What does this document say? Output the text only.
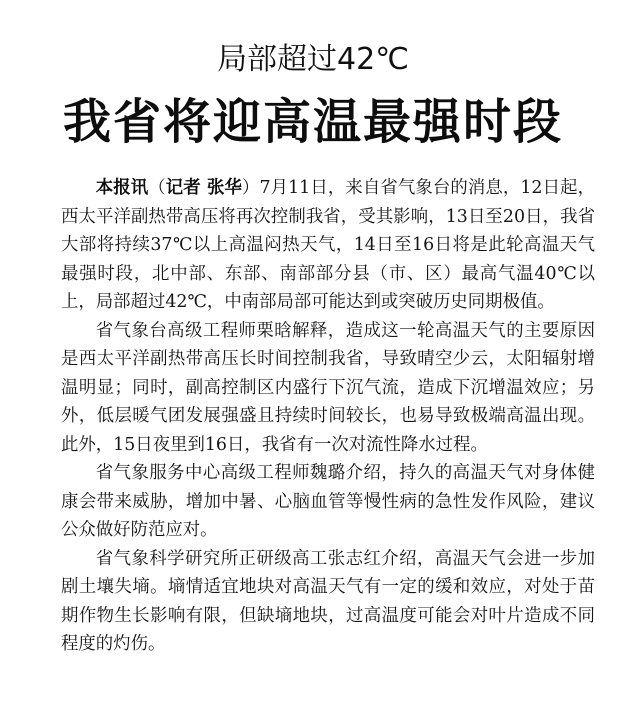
局部超过42℃
我省将迎高温最强时段

本报讯（记者 张华）7月11日，来自省气象台的消息，12日起，西太平洋副热带高压将再次控制我省，受其影响，13日至20日，我省大部将持续37℃以上高温闷热天气，14日至16日将是此轮高温天气最强时段，北中部、东部、南部部分县（市、区）最高气温40℃以上，局部超过42℃，中南部局部可能达到或突破历史同期极值。

省气象台高级工程师栗晗解释，造成这一轮高温天气的主要原因是西太平洋副热带高压长时间控制我省，导致晴空少云，太阳辐射增温明显；同时，副高控制区内盛行下沉气流，造成下沉增温效应；另外，低层暖气团发展强盛且持续时间较长，也易导致极端高温出现。此外，15日夜里到16日，我省有一次对流性降水过程。

省气象服务中心高级工程师魏璐介绍，持久的高温天气对身体健康会带来威胁，增加中暑、心脑血管等慢性病的急性发作风险，建议公众做好防范应对。

省气象科学研究所正研级高工张志红介绍，高温天气会进一步加剧土壤失墒。墒情适宜地块对高温天气有一定的缓和效应，对处于苗期作物生长影响有限，但缺墒地块，过高温度可能会对叶片造成不同程度的灼伤。
